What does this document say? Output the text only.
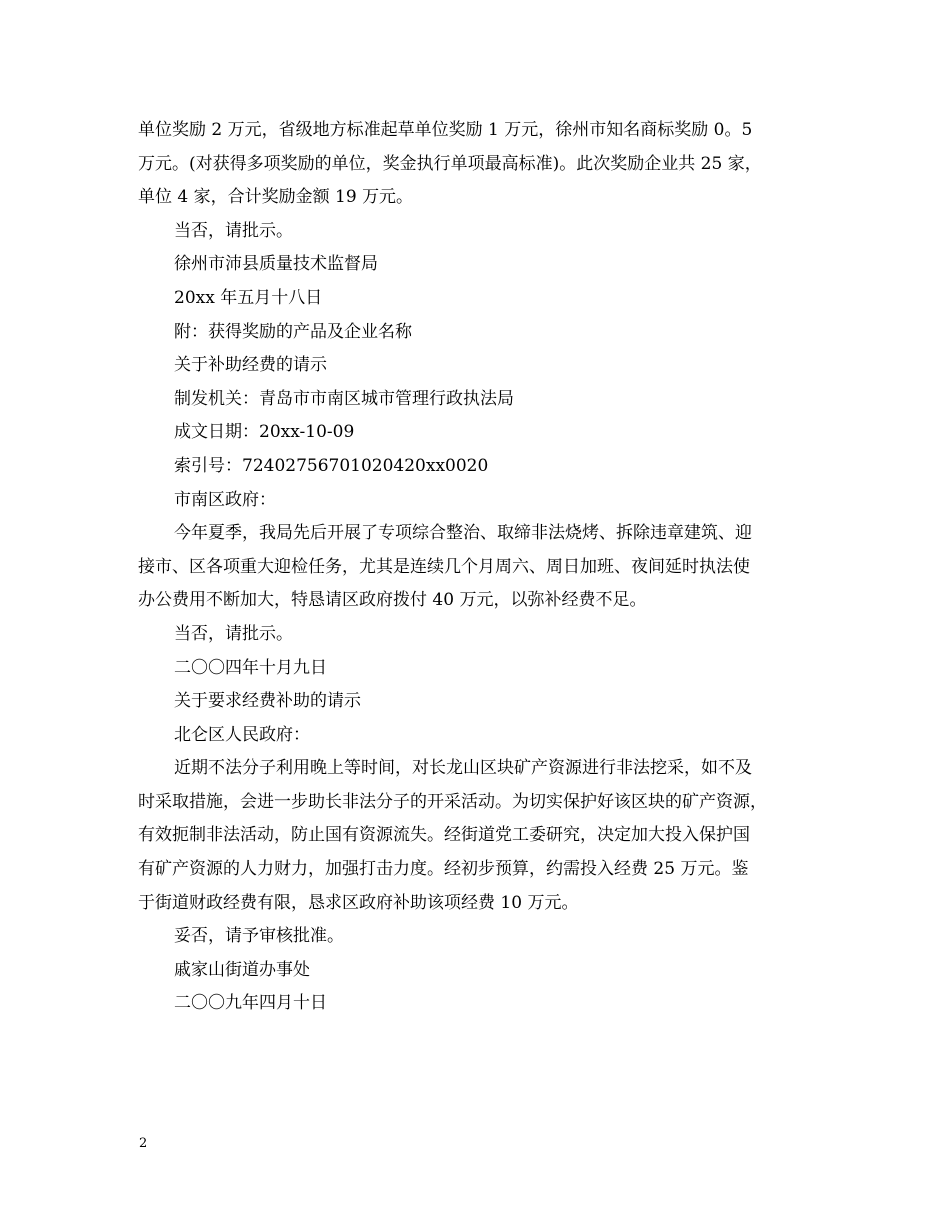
单位奖励 2 万元，省级地方标准起草单位奖励 1 万元，徐州市知名商标奖励 0。5
万元。(对获得多项奖励的单位，奖金执行单项最高标准)。此次奖励企业共 25 家，
单位 4 家，合计奖励金额 19 万元。
当否，请批示。
徐州市沛县质量技术监督局
20xx 年五月十八日
附：获得奖励的产品及企业名称
关于补助经费的请示
制发机关：青岛市市南区城市管理行政执法局
成文日期：20xx-10-09
索引号：72402756701020420xx0020
市南区政府：
今年夏季，我局先后开展了专项综合整治、取缔非法烧烤、拆除违章建筑、迎
接市、区各项重大迎检任务，尤其是连续几个月周六、周日加班、夜间延时执法使
办公费用不断加大，特恳请区政府拨付 40 万元，以弥补经费不足。
当否，请批示。
二〇〇四年十月九日
关于要求经费补助的请示
北仑区人民政府：
近期不法分子利用晚上等时间，对长龙山区块矿产资源进行非法挖采，如不及
时采取措施，会进一步助长非法分子的开采活动。为切实保护好该区块的矿产资源，
有效扼制非法活动，防止国有资源流失。经街道党工委研究，决定加大投入保护国
有矿产资源的人力财力，加强打击力度。经初步预算，约需投入经费 25 万元。鉴
于街道财政经费有限，恳求区政府补助该项经费 10 万元。
妥否，请予审核批准。
戚家山街道办事处
二〇〇九年四月十日
2
